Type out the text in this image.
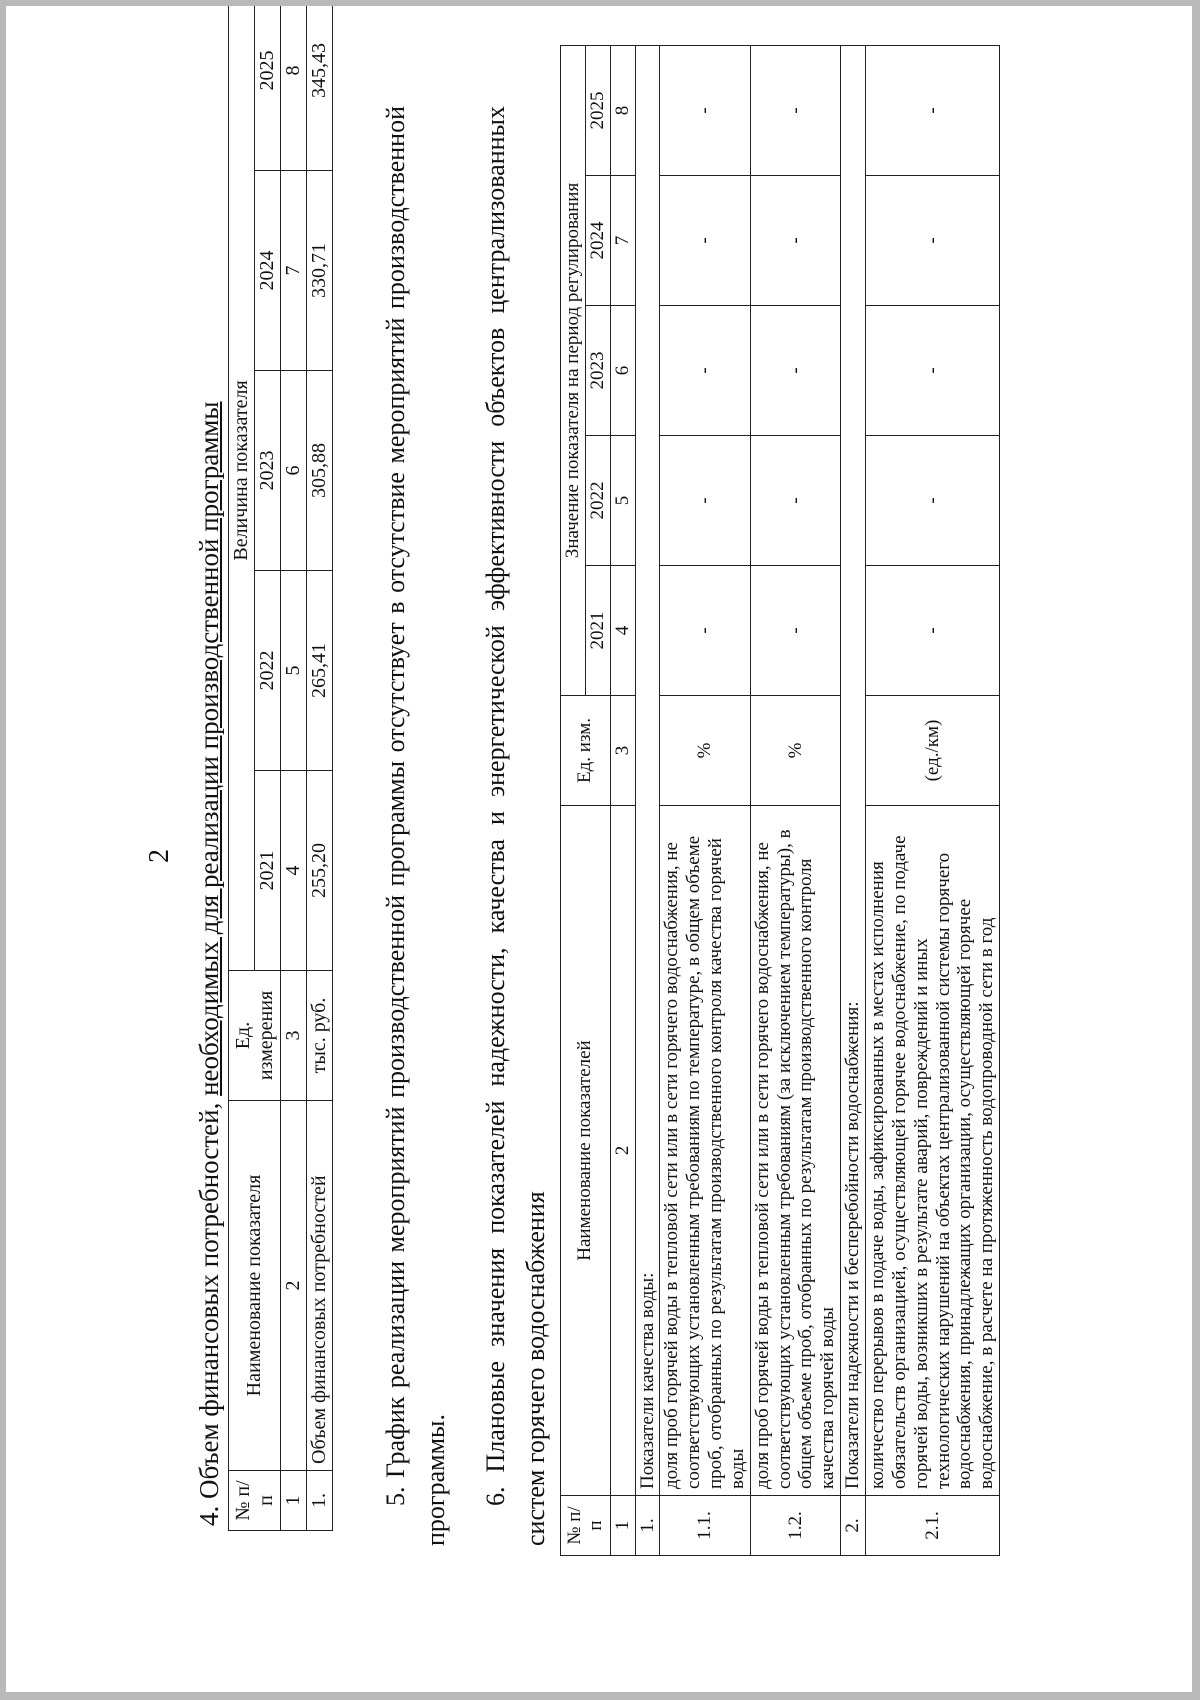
2
4. Объем финансовых потребностей, необходимых для реализации производственной программы
№ п/п	Наименование показателя	Ед. измерения	Величина показателя				
			2021	2022	2023	2024	2025
1	2	3	4	5	6	7	8
1.	Объем финансовых потребностей	тыс. руб.	255,20	265,41	305,88	330,71	345,43
5. График реализации мероприятий производственной программы отсутствует в отсутствие мероприятий производственной программы. 6. Плановые значения показателей надежности, качества и энергетической эффективности объектов централизованных систем горячего водоснабжения № п/п	Наименование показателей	Ед. изм.	Значение показателя на период регулирования				
			2021	2022	2023	2024	2025
1	2	3	4	5	6	7	8
1.	Показатели качества воды:						
1.1.	доля проб горячей воды в тепловой сети или в сети горячего водоснабжения, не соответствующих установленным требованиям по температуре, в общем объеме проб, отобранных по результатам производственного контроля качества горячей воды	%	-	-	-	-	-
1.2.	доля проб горячей воды в тепловой сети или в сети горячего водоснабжения, не соответствующих установленным требованиям (за исключением температуры), в общем объеме проб, отобранных по результатам производственного контроля качества горячей воды	%	-	-	-	-	-
2.	Показатели надежности и бесперебойности водоснабжения:						
2.1.	количество перерывов в подаче воды, зафиксированных в местах исполнения обязательств организацией, осуществляющей горячее водоснабжение, по подаче горячей воды, возникших в результате аварий, повреждений и иных технологических нарушений на объектах централизованной системы горячего водоснабжения, принадлежащих организации, осуществляющей горячее водоснабжение, в расчете на протяженность водопроводной сети в год	(ед./км)	-	-	-	-	-
